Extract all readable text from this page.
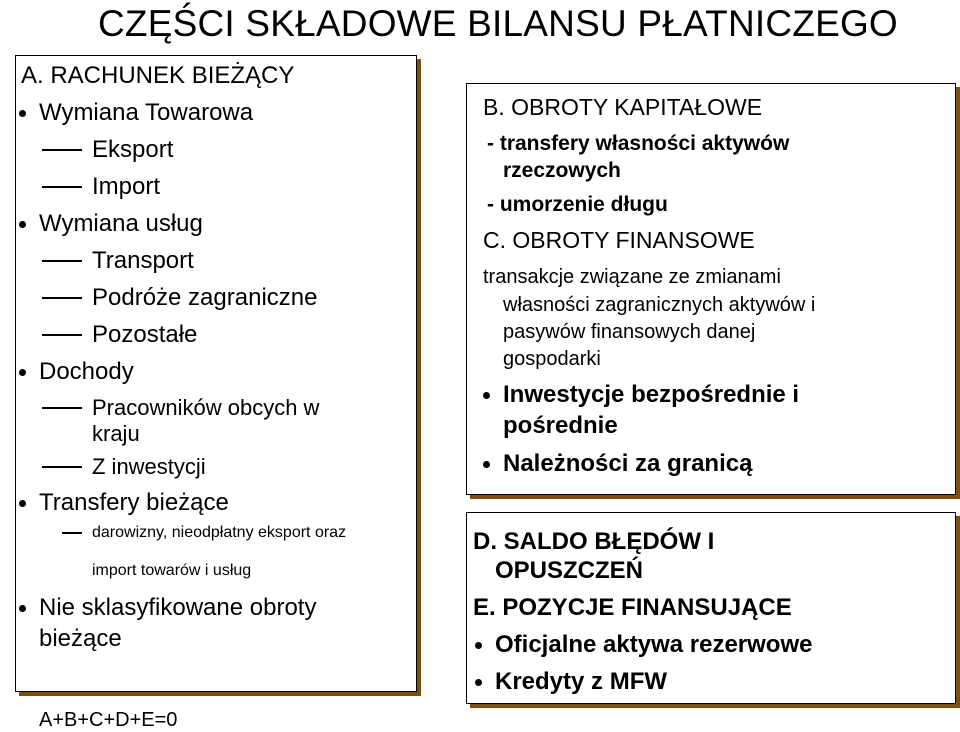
CZĘŚCI SKŁADOWE BILANSU PŁATNICZEGO
A. RACHUNEK BIEŻĄCY
Wymiana Towarowa
Eksport
Import
Wymiana usług
Transport
Podróże zagraniczne
Pozostałe
Dochody
Pracowników obcych w
kraju
Z inwestycji
Transfery bieżące
darowizny, nieodpłatny eksport oraz
import towarów i usług
Nie sklasyfikowane obroty
bieżące
A+B+C+D+E=0
B. OBROTY KAPITAŁOWE
- transfery własności aktywów
rzeczowych
- umorzenie długu
C. OBROTY FINANSOWE
transakcje związane ze zmianami
własności zagranicznych aktywów i
pasywów finansowych danej
gospodarki
Inwestycje bezpośrednie i
pośrednie
Należności za granicą
D. SALDO BŁĘDÓW I
OPUSZCZEŃ
E. POZYCJE FINANSUJĄCE
Oficjalne aktywa rezerwowe
Kredyty z MFW
